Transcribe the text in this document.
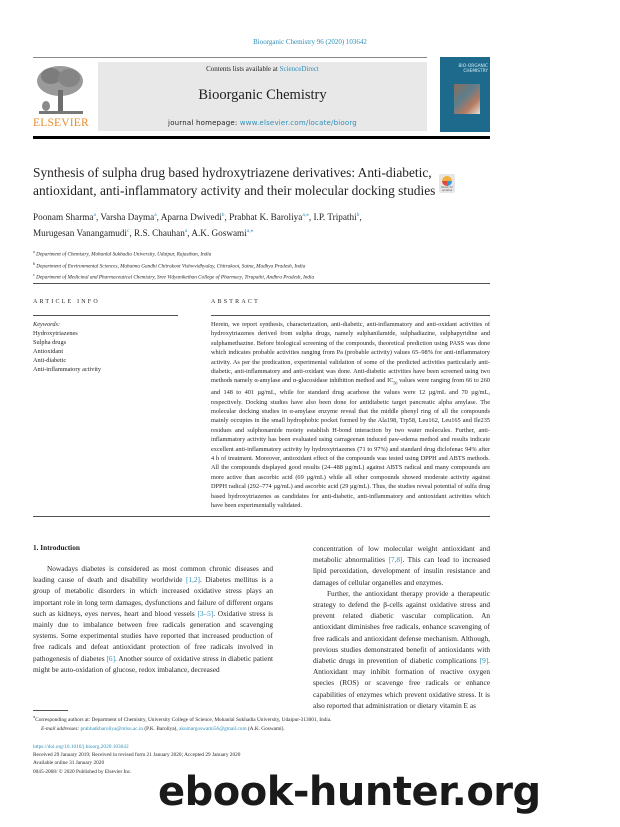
Bioorganic Chemistry 96 (2020) 103642
ELSEVIER
Contents lists available at ScienceDirect
Bioorganic Chemistry
journal homepage: www.elsevier.com/locate/bioorg
BIO-ORGANIC CHEMISTRY
Synthesis of sulpha drug based hydroxytriazene derivatives: Anti-diabetic, antioxidant, anti-inflammatory activity and their molecular docking studies	Check for updates
Poonam Sharma$^a$, Varsha Dayma$^a$, Aparna Dwivedi$^b$, Prabhat K. Baroliya$^{a,⁎}$, I.P. Tripathi$^b$,
Murugesan Vanangamudi$^c$, R.S. Chauhan$^a$, A.K. Goswami$^{a,⁎}$
$^a$ Department of Chemistry, Mohanlal Sukhadia University, Udaipur, Rajasthan, India
$^b$ Department of Environmental Sciences, Mahatma Gandhi Chitrakoot Vishwvidhyalay, Chitrakoot, Satna, Madhya Pradesh, India
$^c$ Department of Medicinal and Pharmaceutical Chemistry, Sree Vidyanikethan College of Pharmacy, Tirupathi, Andhra Pradesh, India
ARTICLE INFO	ABSTRACT
Keywords:
Hydroxytriazenes
Sulpha drugs
Antioxidant
Anti-diabetic
Anti-inflammatory activity
Herein, we report synthesis, characterization, anti-diabetic, anti-inflammatory and anti-oxidant activities of hydroxytriazenes derived from sulpha drugs, namely sulphanilamide, sulphadiazine, sulphapyridine and sulphamethazine. Before biological screening of the compounds, theoretical prediction using PASS was done which indicates probable activities ranging from Pa (probable activity) values 65–98% for anti-inflammatory activity. As per the predication, experimental validation of some of the predicted activities particularly anti-diabetic, anti-inflammatory and anti-oxidant was done. Anti-diabetic activities have been screened using two methods namely α-amylase and α-glucosidase inhibition method and $IC_{50}$ values were ranging from 66 to 260 and 148 to 401 µg/mL, while for standard drug acarbose the values were 12 µg/mL and 70 µg/mL, respectively. Docking studies have also been done for antidiabetic target pancreatic alpha amylase. The molecular docking studies in α-amylase enzyme reveal that the middle phenyl ring of all the compounds mainly occupies in the small hydrophobic pocket formed by the Ala198, Trp58, Leu162, Leu165 and Ile235 residues and sulphonamide moiety establish H-bond interaction by two water molecules. Further, anti-inflammatory activity has been evaluated using carrageenan induced paw-edema method and results indicate excellent anti-inflammatory activity by hydroxytriazenes (71 to 97%) and standard drug diclofenac 94% after 4 h of treatment. Moreover, antioxidant effect of the compounds was tested using DPPH and ABTS methods. All the compounds displayed good results (24–488 µg/mL) against ABTS radical and many compounds are more active than ascorbic acid (69 µg/mL) while all other compounds showed moderate activity against DPPH radical (292–774 µg/mL) and ascorbic acid (29 µg/mL). Thus, the studies reveal potential of sulfa drug based hydroxytriazenes as candidates for anti-diabetic, anti-inflammatory and antioxidant activities which have been experimentally validated.
1. Introduction

Nowadays diabetes is considered as most common chronic diseases and leading cause of death and disability worldwide [1,2]. Diabetes mellitus is a group of metabolic disorders in which increased oxidative stress plays an important role in long term damages, dysfunctions and failure of different organs such as kidneys, eyes nerves, heart and blood vessels [3–5]. Oxidative stress is mainly due to imbalance between free radicals generation and scavenging systems. Some experimental studies have reported that increased production of free radicals and defeat antioxidant protection of free radicals involved in pathogenesis of diabetes [6]. Another source of oxidative stress in diabetic patient might be auto-oxidation of glucose, redox imbalance, decreased

concentration of low molecular weight antioxidant and metabolic abnormalities [7,8]. This can lead to increased lipid peroxidation, development of insulin resistance and damages of cellular organelles and enzymes.

Further, the antioxidant therapy provide a therapeutic strategy to defend the β-cells against oxidative stress and prevent related diabetic vascular complication. An antioxidant diminishes free radicals, enhance scavenging of free radicals and antioxidant defense mechanism. Although, previous studies demonstrated benefit of antioxidants with diabetic drugs in prevention of diabetic complications [9]. Antioxidant may inhibit formation of reactive oxygen species (ROS) or scavenge free radicals or enhance capabilities of enzymes which prevent oxidative stress. It is also reported that administration or dietary vitamin E as

⁎Corresponding authors at: Department of Chemistry, University College of Science, Mohanlal Sukhadia University, Udaipur-313001, India.
E-mail addresses: prabhatkbaroliya@mlsu.ac.in (P.K. Baroliya), akumargoswami56@gmail.com (A.K. Goswami).
https://doi.org/10.1016/j.bioorg.2020.103642
Received 29 January 2019; Received in revised form 21 January 2020; Accepted 29 January 2020
Available online 31 January 2020
0045-2068/ © 2020 Published by Elsevier Inc. ebook-hunter.org
